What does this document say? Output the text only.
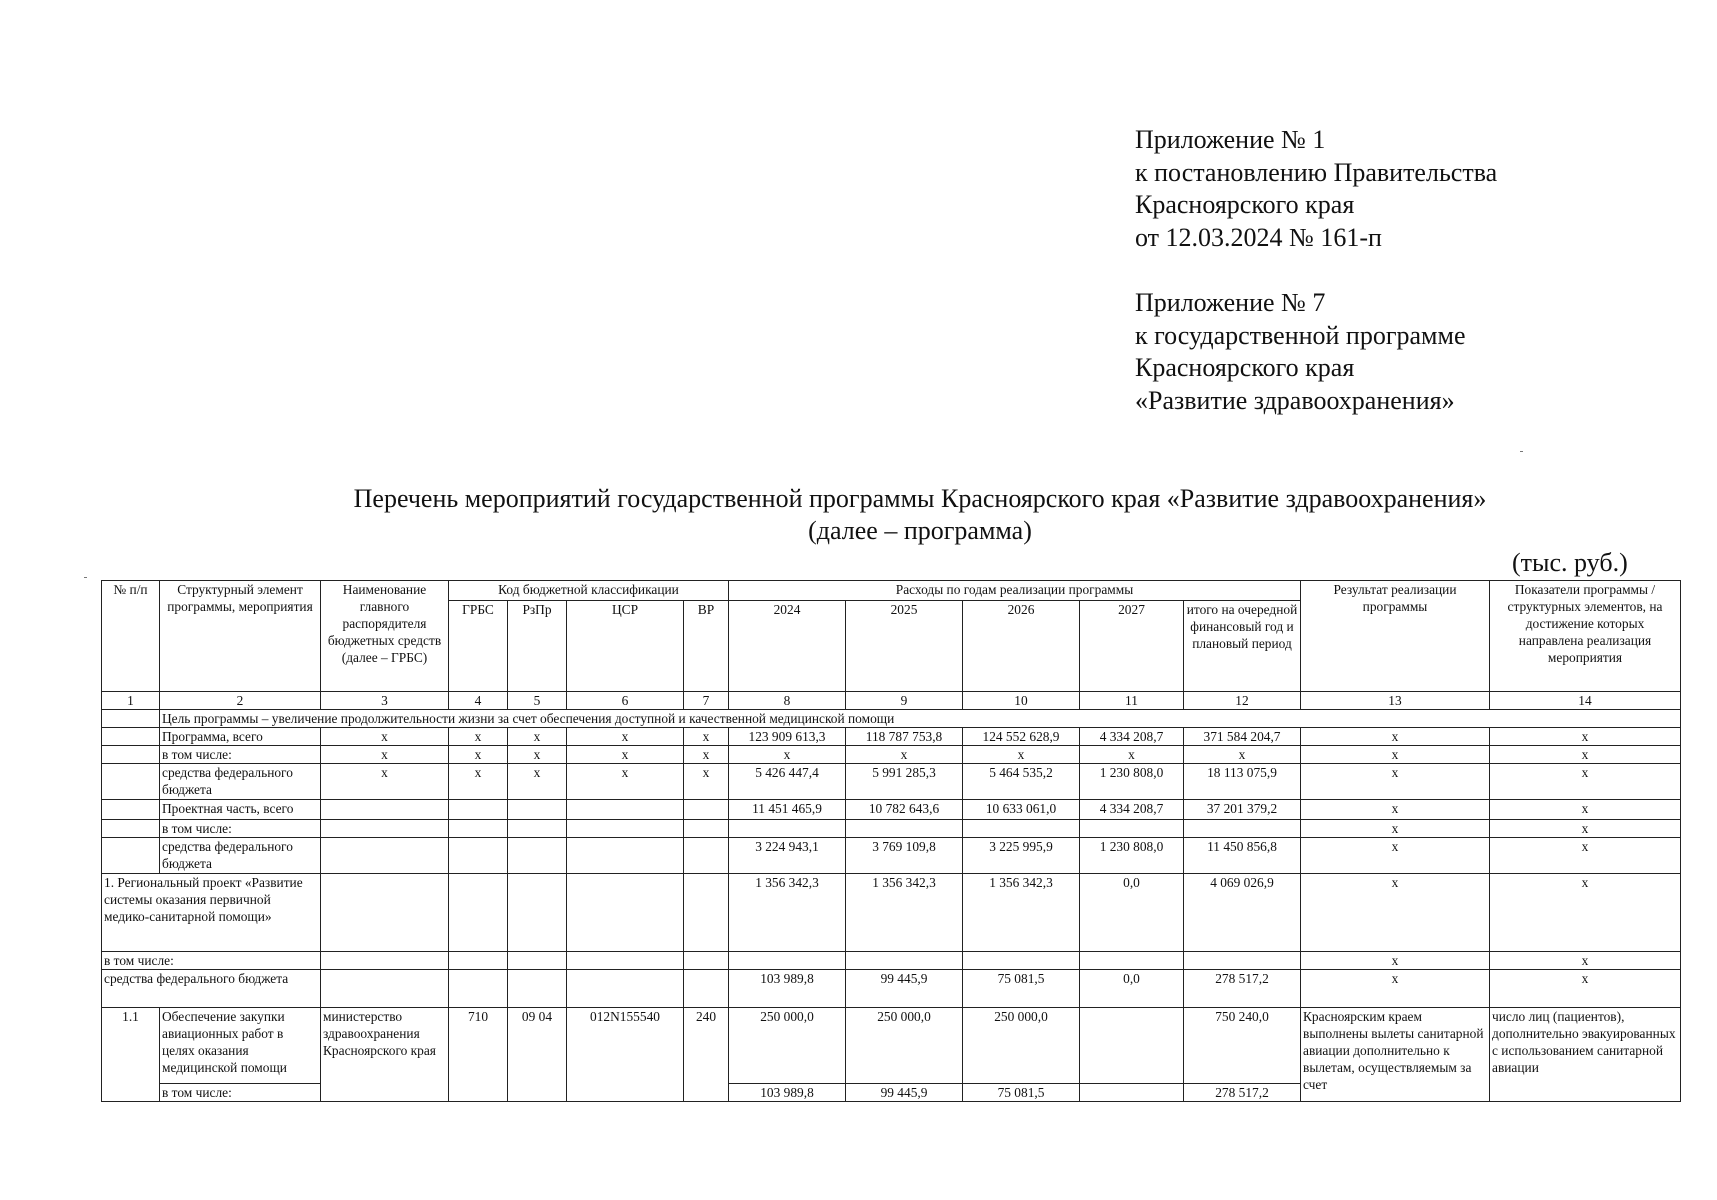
Приложение № 1
к постановлению Правительства
Красноярского края
от 12.03.2024 № 161-п
Приложение № 7
к государственной программе
Красноярского края
«Развитие здравоохранения»
Перечень мероприятий государственной программы Красноярского края «Развитие здравоохранения»
(далее – программа)
(тыс. руб.)
№ п/п	Структурный элемент программы, мероприятия	Наименование главного распорядителя бюджетных средств (далее – ГРБС)	Код бюджетной классификации				Расходы по годам реализации программы					Результат реализации программы	Показатели программы / структурных элементов, на достижение которых направлена реализация мероприятия
			ГРБС	РзПр	ЦСР	ВР	2024	2025	2026	2027	итого на очередной финансовый год и плановый период		
1	2	3	4	5	6	7	8	9	10	11	12	13	14
	Цель программы – увеличение продолжительности жизни за счет обеспечения доступной и качественной медицинской помощи												
	Программа, всего	х	х	х	х	х	123 909 613,3	118 787 753,8	124 552 628,9	4 334 208,7	371 584 204,7	х	х
	в том числе:	х	х	х	х	х	х	х	х	х	х	х	х
	средства федерального бюджета	х	х	х	х	х	5 426 447,4	5 991 285,3	5 464 535,2	1 230 808,0	18 113 075,9	х	х
	Проектная часть, всего						11 451 465,9	10 782 643,6	10 633 061,0	4 334 208,7	37 201 379,2	х	х
	в том числе:											х	х
	средства федерального бюджета						3 224 943,1	3 769 109,8	3 225 995,9	1 230 808,0	11 450 856,8	х	х
1. Региональный проект «Развитие системы оказания первичной медико-санитарной помощи»							1 356 342,3	1 356 342,3	1 356 342,3	0,0	4 069 026,9	х	х
в том числе:												х	х
средства федерального бюджета							103 989,8	99 445,9	75 081,5	0,0	278 517,2	х	х
1.1	Обеспечение закупки авиационных работ в целях оказания медицинской помощи	министерство здравоохранения Красноярского края	710	09 04	012N155540	240	250 000,0	250 000,0	250 000,0		750 240,0	Красноярским краем выполнены вылеты санитарной авиации дополнительно к вылетам, осуществляемым за счет	число лиц (пациентов), дополнительно эвакуированных с использованием санитарной авиации
	в том числе:						103 989,8	99 445,9	75 081,5		278 517,2		
